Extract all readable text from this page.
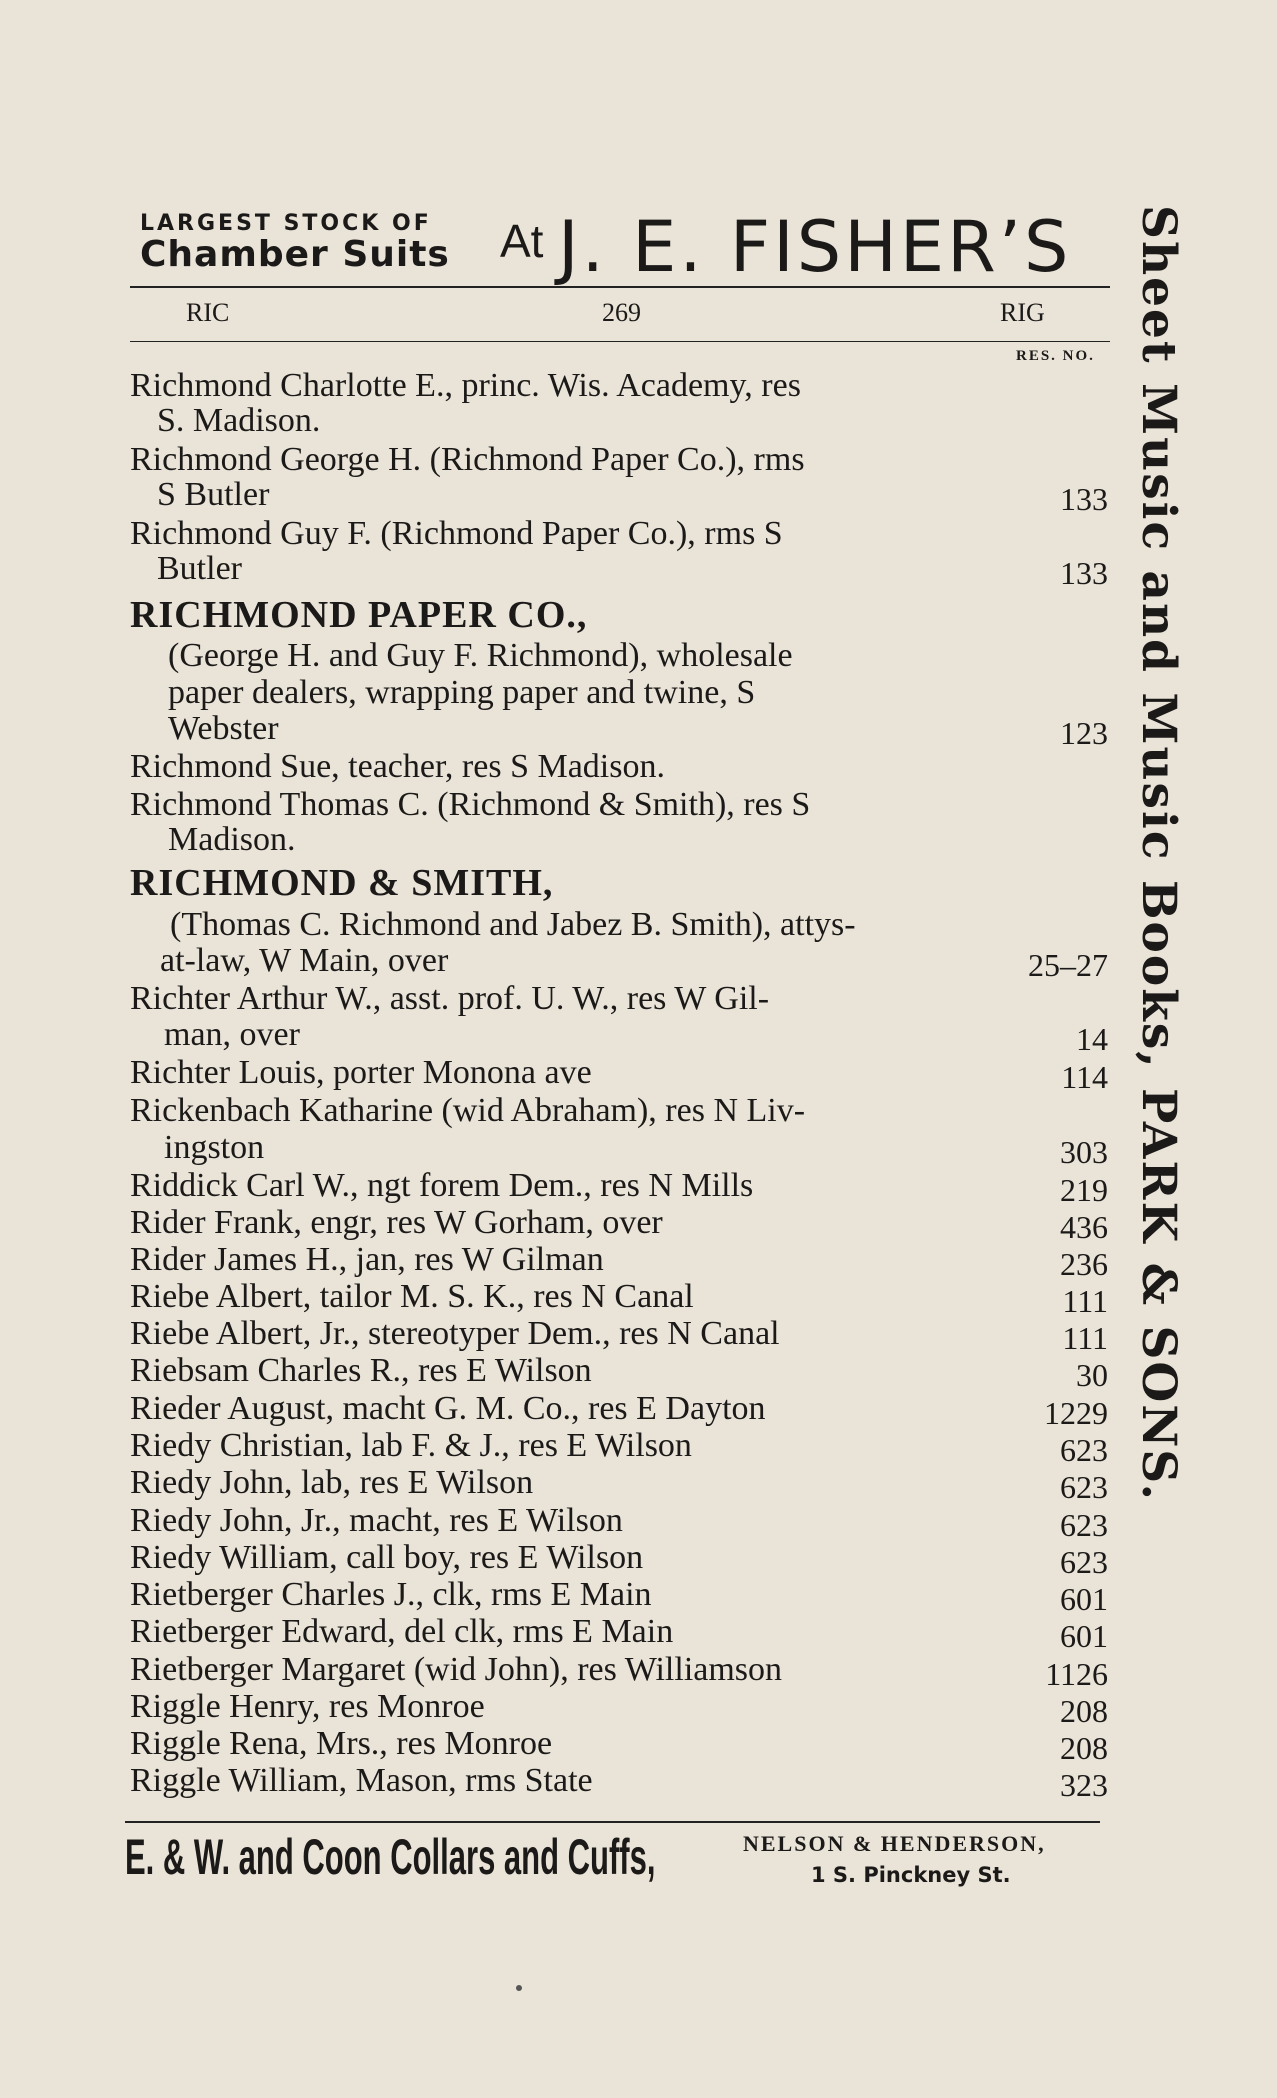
LARGEST STOCK OF
Chamber Suits	At J. E. FISHER’S
RIC	269	RIG
RES. NO.
Richmond Charlotte E., princ. Wis. Academy, res
S. Madison.
Richmond George H. (Richmond Paper Co.), rms
S Butler	133
Richmond Guy F. (Richmond Paper Co.), rms S
Butler	133
RICHMOND PAPER CO.,
(George H. and Guy F. Richmond), wholesale
paper dealers, wrapping paper and twine, S
Webster	123
Richmond Sue, teacher, res S Madison.
Richmond Thomas C. (Richmond & Smith), res S
Madison.
RICHMOND & SMITH,
(Thomas C. Richmond and Jabez B. Smith), attys-
at-law, W Main, over	25–27
Richter Arthur W., asst. prof. U. W., res W Gil-
man, over	14
Richter Louis, porter Monona ave	114
Rickenbach Katharine (wid Abraham), res N Liv-
ingston	303
Riddick Carl W., ngt forem Dem., res N Mills	219
Rider Frank, engr, res W Gorham, over	436
Rider James H., jan, res W Gilman	236
Riebe Albert, tailor M. S. K., res N Canal	111
Riebe Albert, Jr., stereotyper Dem., res N Canal	111
Riebsam Charles R., res E Wilson	30
Rieder August, macht G. M. Co., res E Dayton	1229
Riedy Christian, lab F. & J., res E Wilson	623
Riedy John, lab, res E Wilson	623
Riedy John, Jr., macht, res E Wilson	623
Riedy William, call boy, res E Wilson	623
Rietberger Charles J., clk, rms E Main	601
Rietberger Edward, del clk, rms E Main	601
Rietberger Margaret (wid John), res Williamson	1126
Riggle Henry, res Monroe	208
Riggle Rena, Mrs., res Monroe	208
Riggle William, Mason, rms State	323
Sheet Music and Music Books, PARK & SONS.
E. & W. and Coon Collars and Cuffs,	NELSON & HENDERSON,
1 S. Pinckney St.
